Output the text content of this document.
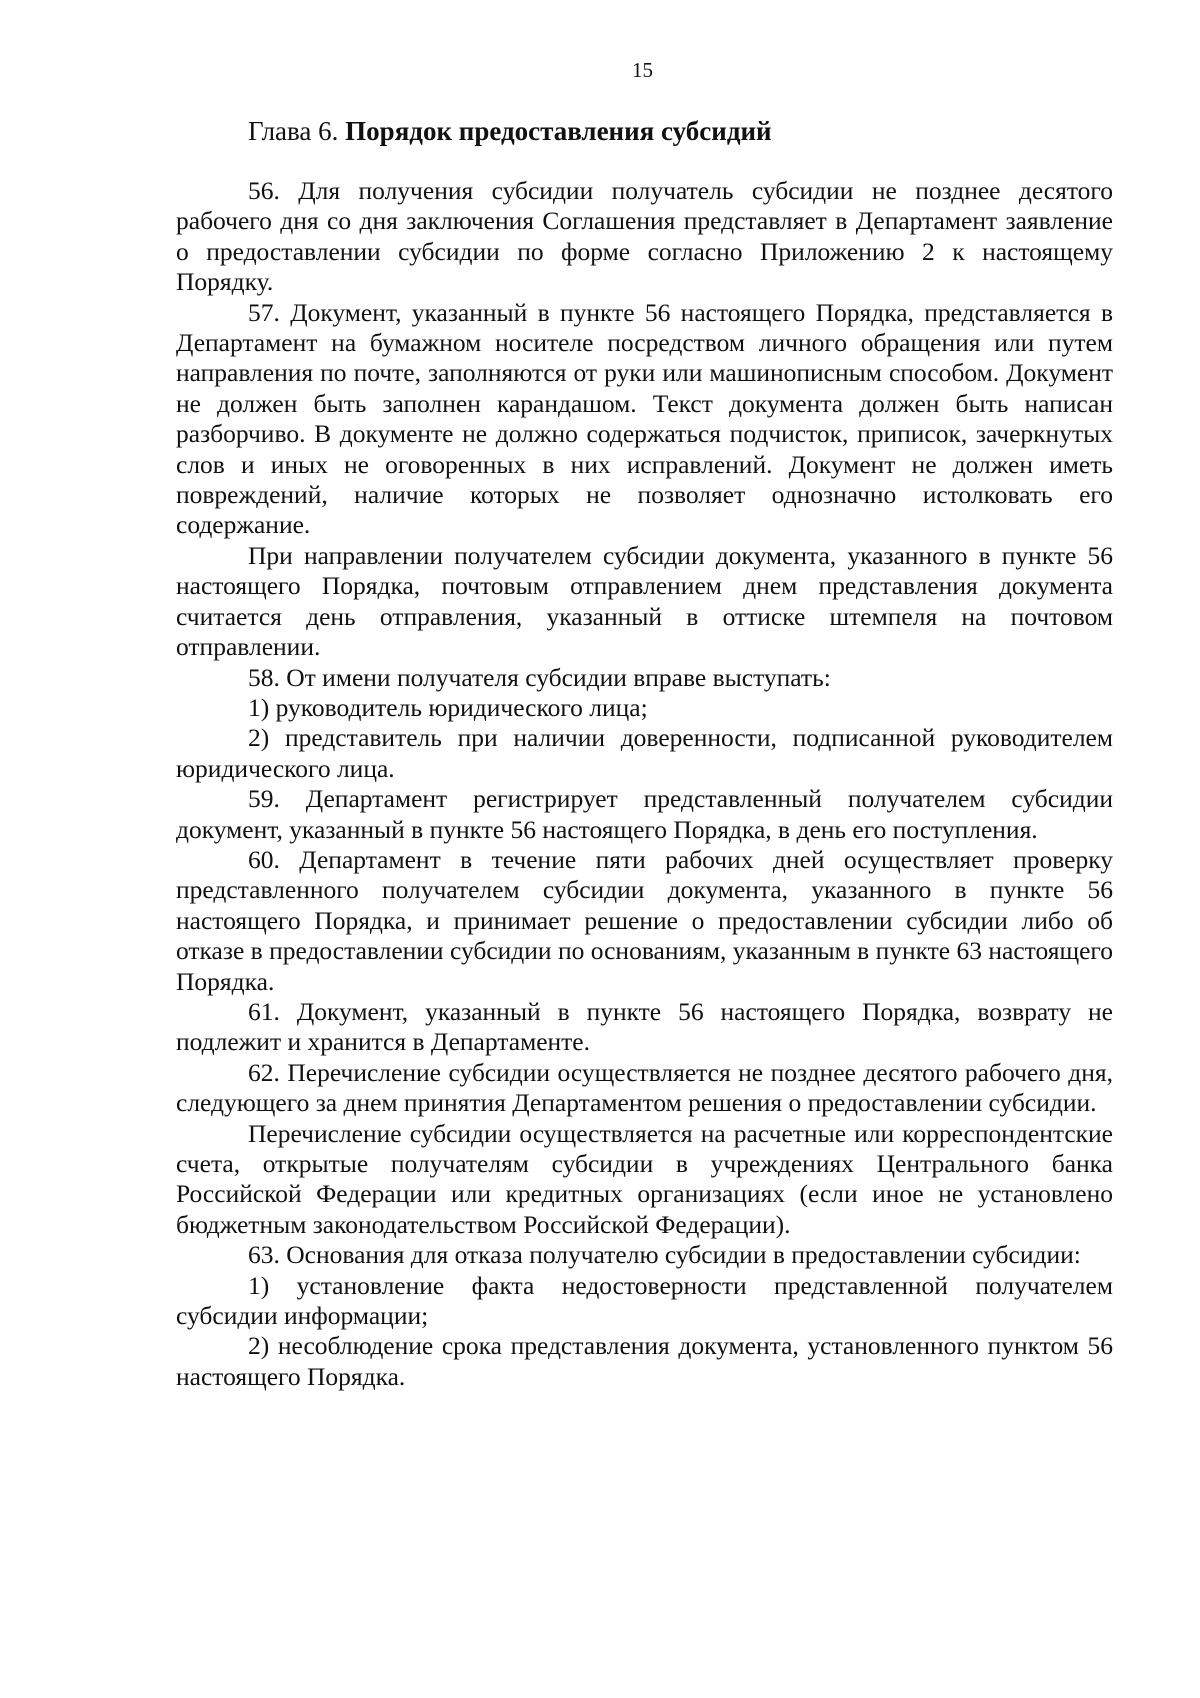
15
Глава 6. Порядок предоставления субсидий

56. Для получения субсидии получатель субсидии не позднее десятого рабочего дня со дня заключения Соглашения представляет в Департамент заявление о предоставлении субсидии по форме согласно Приложению 2 к настоящему Порядку.

57. Документ, указанный в пункте 56 настоящего Порядка, представляется в Департамент на бумажном носителе посредством личного обращения или путем направления по почте, заполняются от руки или машинописным способом. Документ не должен быть заполнен карандашом. Текст документа должен быть написан разборчиво. В документе не должно содержаться подчисток, приписок, зачеркнутых слов и иных не оговоренных в них исправлений. Документ не должен иметь повреждений, наличие которых не позволяет однозначно истолковать его содержание.

При направлении получателем субсидии документа, указанного в пункте 56 настоящего Порядка, почтовым отправлением днем представления документа считается день отправления, указанный в оттиске штемпеля на почтовом отправлении.

58. От имени получателя субсидии вправе выступать:

1) руководитель юридического лица;

2) представитель при наличии доверенности, подписанной руководителем юридического лица.

59. Департамент регистрирует представленный получателем субсидии документ, указанный в пункте 56 настоящего Порядка, в день его поступления.

60. Департамент в течение пяти рабочих дней осуществляет проверку представленного получателем субсидии документа, указанного в пункте 56 настоящего Порядка, и принимает решение о предоставлении субсидии либо об отказе в предоставлении субсидии по основаниям, указанным в пункте 63 настоящего Порядка.

61. Документ, указанный в пункте 56 настоящего Порядка, возврату не подлежит и хранится в Департаменте.

62. Перечисление субсидии осуществляется не позднее десятого рабочего дня, следующего за днем принятия Департаментом решения о предоставлении субсидии.

Перечисление субсидии осуществляется на расчетные или корреспондентские счета, открытые получателям субсидии в учреждениях Центрального банка Российской Федерации или кредитных организациях (если иное не установлено бюджетным законодательством Российской Федерации).

63. Основания для отказа получателю субсидии в предоставлении субсидии:

1) установление факта недостоверности представленной получателем субсидии информации;

2) несоблюдение срока представления документа, установленного пунктом 56 настоящего Порядка.
